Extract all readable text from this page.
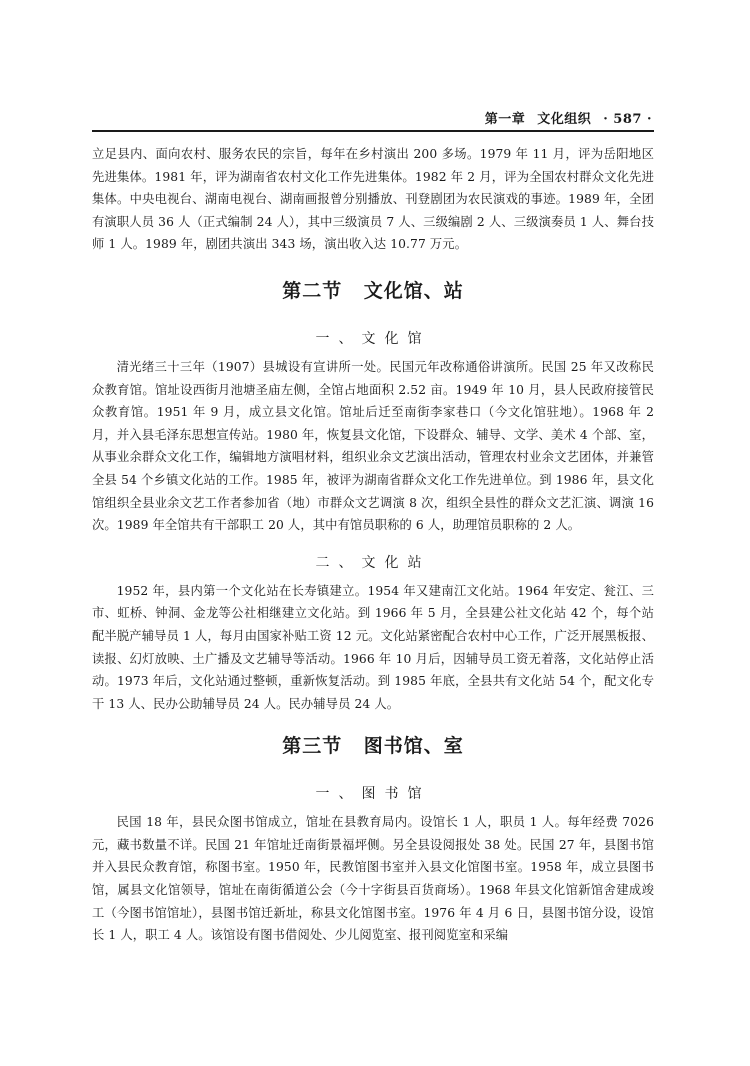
第一章 文化组织 · 587 ·

立足县内、面向农村、服务农民的宗旨，每年在乡村演出 200 多场。1979 年 11 月，评为岳阳地区先进集体。1981 年，评为湖南省农村文化工作先进集体。1982 年 2 月，评为全国农村群众文化先进集体。中央电视台、湖南电视台、湖南画报曾分别播放、刊登剧团为农民演戏的事迹。1989 年，全团有演职人员 36 人（正式编制 24 人），其中三级演员 7 人、三级编剧 2 人、三级演奏员 1 人、舞台技师 1 人。1989 年，剧团共演出 343 场，演出收入达 10.77 万元。

第二节 文化馆、站
一、文化馆

清光绪三十三年（1907）县城设有宣讲所一处。民国元年改称通俗讲演所。民国 25 年又改称民众教育馆。馆址设西街月池塘圣庙左侧，全馆占地面积 2.52 亩。1949 年 10 月，县人民政府接管民众教育馆。1951 年 9 月，成立县文化馆。馆址后迁至南街李家巷口（今文化馆驻地）。1968 年 2 月，并入县毛泽东思想宣传站。1980 年，恢复县文化馆，下设群众、辅导、文学、美术 4 个部、室，从事业余群众文化工作，编辑地方演唱材料，组织业余文艺演出活动，管理农村业余文艺团体，并兼管全县 54 个乡镇文化站的工作。1985 年，被评为湖南省群众文化工作先进单位。到 1986 年，县文化馆组织全县业余文艺工作者参加省（地）市群众文艺调演 8 次，组织全县性的群众文艺汇演、调演 16 次。1989 年全馆共有干部职工 20 人，其中有馆员职称的 6 人，助理馆员职称的 2 人。

二、文化站

1952 年，县内第一个文化站在长寿镇建立。1954 年又建南江文化站。1964 年安定、瓮江、三市、虹桥、钟洞、金龙等公社相继建立文化站。到 1966 年 5 月，全县建公社文化站 42 个，每个站配半脱产辅导员 1 人，每月由国家补贴工资 12 元。文化站紧密配合农村中心工作，广泛开展黑板报、读报、幻灯放映、土广播及文艺辅导等活动。1966 年 10 月后，因辅导员工资无着落，文化站停止活动。1973 年后，文化站通过整顿，重新恢复活动。到 1985 年底，全县共有文化站 54 个，配文化专干 13 人、民办公助辅导员 24 人。民办辅导员 24 人。

第三节 图书馆、室
一、图书馆

民国 18 年，县民众图书馆成立，馆址在县教育局内。设馆长 1 人，职员 1 人。每年经费 7026 元，藏书数量不详。民国 21 年馆址迁南街景福坪侧。另全县设阅报处 38 处。民国 27 年，县图书馆并入县民众教育馆，称图书室。1950 年，民教馆图书室并入县文化馆图书室。1958 年，成立县图书馆，属县文化馆领导，馆址在南街循道公会（今十字街县百货商场）。1968 年县文化馆新馆舍建成竣工（今图书馆馆址），县图书馆迁新址，称县文化馆图书室。1976 年 4 月 6 日，县图书馆分设，设馆长 1 人，职工 4 人。该馆设有图书借阅处、少儿阅览室、报刊阅览室和采编
